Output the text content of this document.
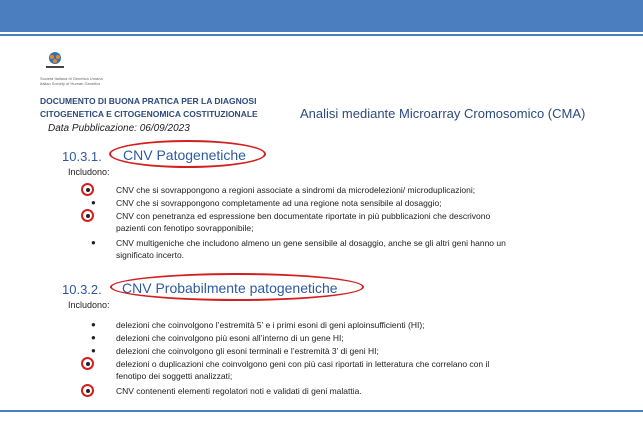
Società Italiana di Genetica Umana
Italian Society of Human Genetics
DOCUMENTO DI BUONA PRATICA PER LA DIAGNOSI
CITOGENETICA E CITOGENOMICA COSTITUZIONALE
Data Pubblicazione: 06/09/2023
Analisi mediante Microarray Cromosomico (CMA)
10.3.1. CNV Patogenetiche
Includono:
CNV che si sovrappongono a regioni associate a sindromi da microdelezioni/ microduplicazioni;
● CNV che si sovrappongono completamente ad una regione nota sensibile al dosaggio;
CNV con penetranza ed espressione ben documentate riportate in più pubblicazioni che descrivono
pazienti con fenotipo sovrapponibile;
● CNV multigeniche che includono almeno un gene sensibile al dosaggio, anche se gli altri geni hanno un
significato incerto.
10.3.2. CNV Probabilmente patogenetiche
Includono:
● delezioni che coinvolgono l’estremità 5’ e i primi esoni di geni aploinsufficienti (HI);
● delezioni che coinvolgono più esoni all’interno di un gene HI;
● delezioni che coinvolgono gli esoni terminali e l’estremità 3’ di geni HI;
delezioni o duplicazioni che coinvolgono geni con più casi riportati in letteratura che correlano con il
fenotipo dei soggetti analizzati;
CNV contenenti elementi regolatori noti e validati di geni malattia.
